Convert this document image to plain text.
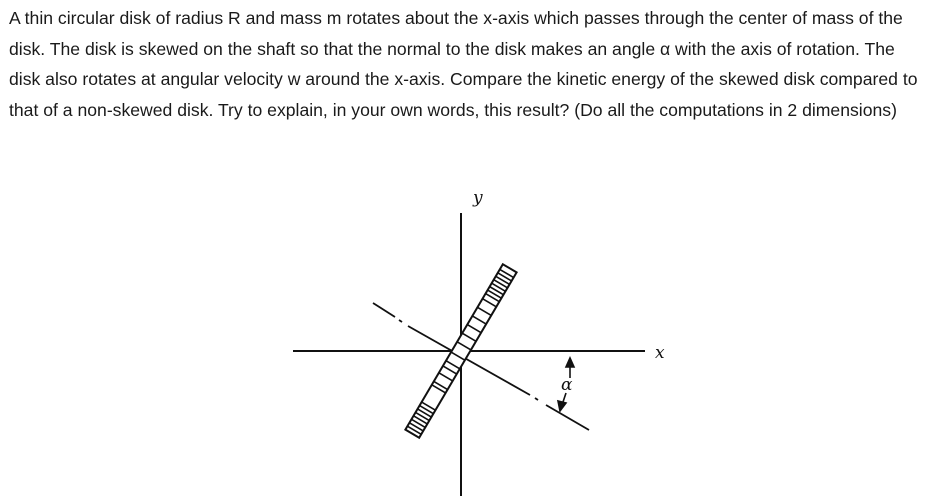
A thin circular disk of radius R and mass m rotates about the x-axis which passes through the center of mass of the disk. The disk is skewed on the shaft so that the normal to the disk makes an angle α with the axis of rotation. The disk also rotates at angular velocity w around the x-axis. Compare the kinetic energy of the skewed disk compared to that of a non-skewed disk. Try to explain, in your own words, this result? (Do all the computations in 2 dimensions)

y
x
α
